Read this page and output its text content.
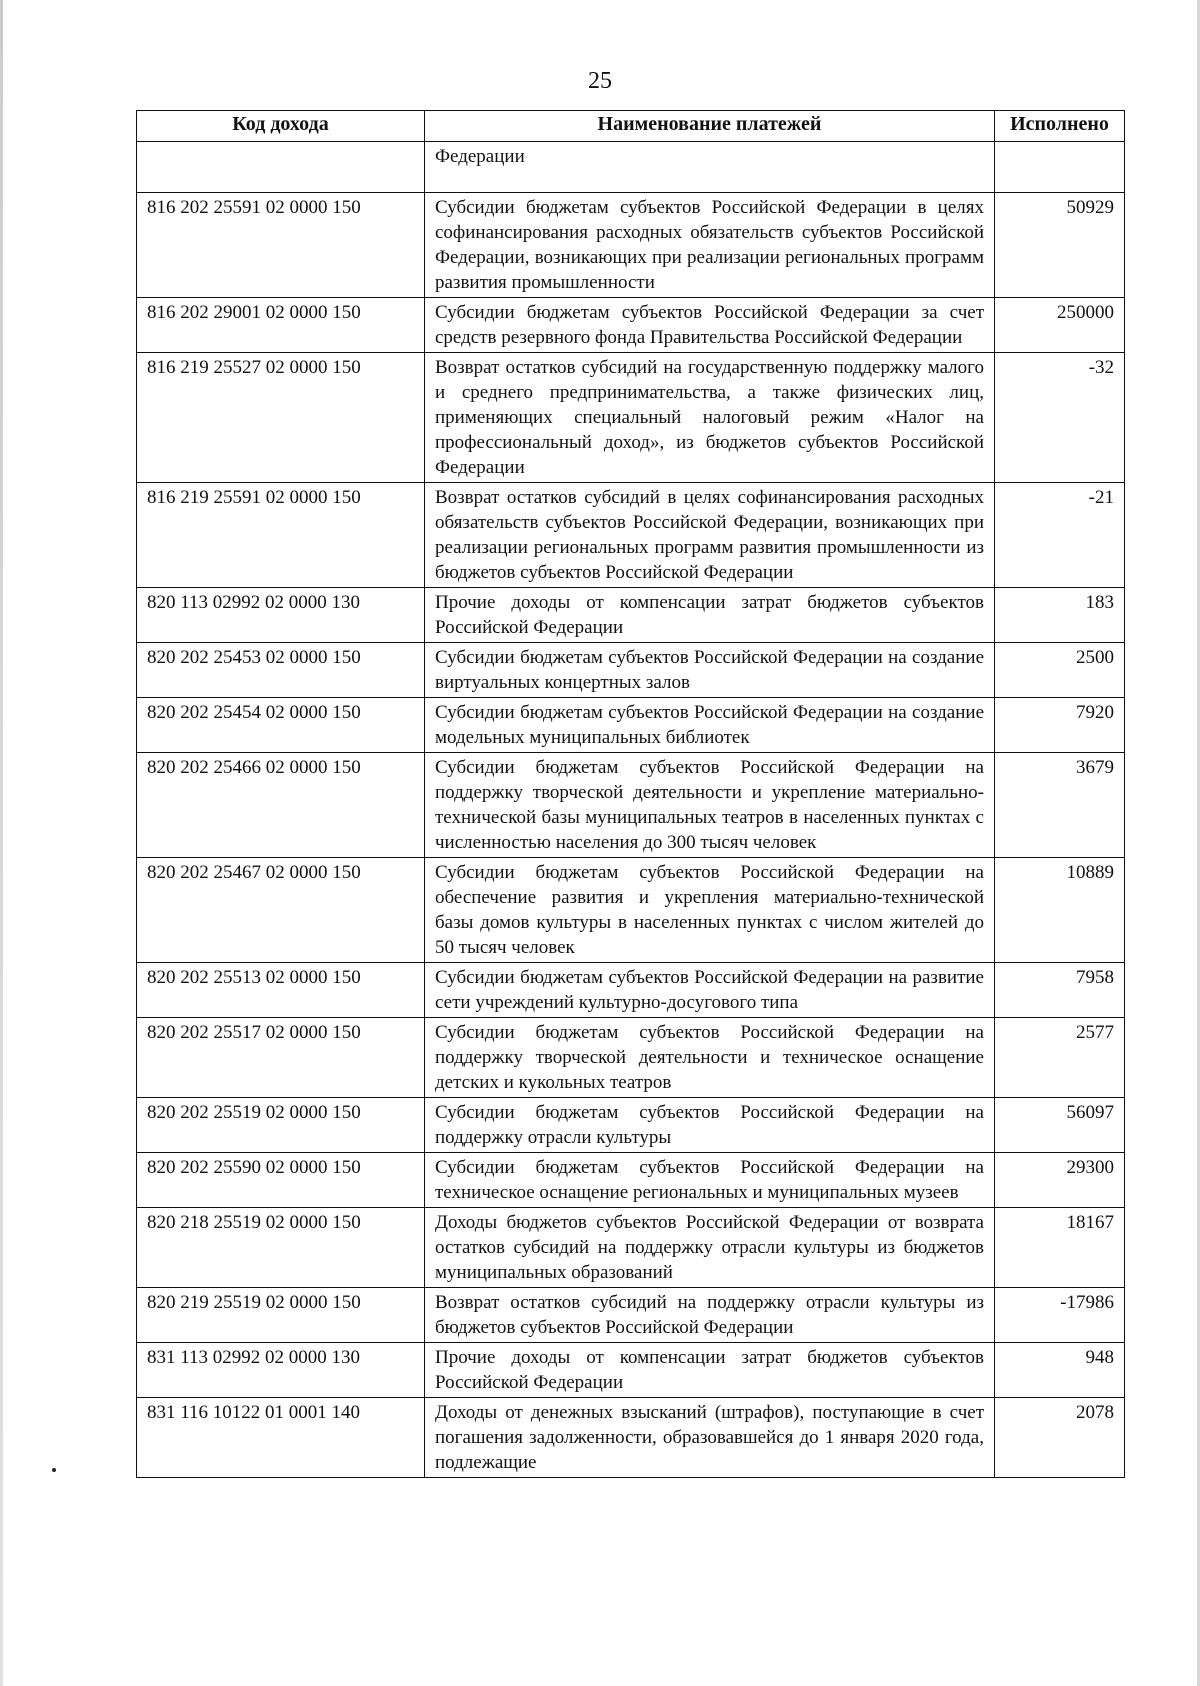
25
Код дохода	Наименование платежей	Исполнено
	Федерации	
816 202 25591 02 0000 150	Субсидии бюджетам субъектов Российской Федерации в целях софинансирования расходных обязательств субъектов Российской Федерации, возникающих при реализации региональных программ развития промышленности	50929
816 202 29001 02 0000 150	Субсидии бюджетам субъектов Российской Федерации за счет средств резервного фонда Правительства Российской Федерации	250000
816 219 25527 02 0000 150	Возврат остатков субсидий на государственную поддержку малого и среднего предпринимательства, а также физических лиц, применяющих специальный налоговый режим «Налог на профессиональный доход», из бюджетов субъектов Российской Федерации	-32
816 219 25591 02 0000 150	Возврат остатков субсидий в целях софинансирования расходных обязательств субъектов Российской Федерации, возникающих при реализации региональных программ развития промышленности из бюджетов субъектов Российской Федерации	-21
820 113 02992 02 0000 130	Прочие доходы от компенсации затрат бюджетов субъектов Российской Федерации	183
820 202 25453 02 0000 150	Субсидии бюджетам субъектов Российской Федерации на создание виртуальных концертных залов	2500
820 202 25454 02 0000 150	Субсидии бюджетам субъектов Российской Федерации на создание модельных муниципальных библиотек	7920
820 202 25466 02 0000 150	Субсидии бюджетам субъектов Российской Федерации на поддержку творческой деятельности и укрепление материально-технической базы муниципальных театров в населенных пунктах с численностью населения до 300 тысяч человек	3679
820 202 25467 02 0000 150	Субсидии бюджетам субъектов Российской Федерации на обеспечение развития и укрепления материально-технической базы домов культуры в населенных пунктах с числом жителей до 50 тысяч человек	10889
820 202 25513 02 0000 150	Субсидии бюджетам субъектов Российской Федерации на развитие сети учреждений культурно-досугового типа	7958
820 202 25517 02 0000 150	Субсидии бюджетам субъектов Российской Федерации на поддержку творческой деятельности и техническое оснащение детских и кукольных театров	2577
820 202 25519 02 0000 150	Субсидии бюджетам субъектов Российской Федерации на поддержку отрасли культуры	56097
820 202 25590 02 0000 150	Субсидии бюджетам субъектов Российской Федерации на техническое оснащение региональных и муниципальных музеев	29300
820 218 25519 02 0000 150	Доходы бюджетов субъектов Российской Федерации от возврата остатков субсидий на поддержку отрасли культуры из бюджетов муниципальных образований	18167
820 219 25519 02 0000 150	Возврат остатков субсидий на поддержку отрасли культуры из бюджетов субъектов Российской Федерации	-17986
831 113 02992 02 0000 130	Прочие доходы от компенсации затрат бюджетов субъектов Российской Федерации	948
831 116 10122 01 0001 140	Доходы от денежных взысканий (штрафов), поступающие в счет погашения задолженности, образовавшейся до 1 января 2020 года, подлежащие	2078
